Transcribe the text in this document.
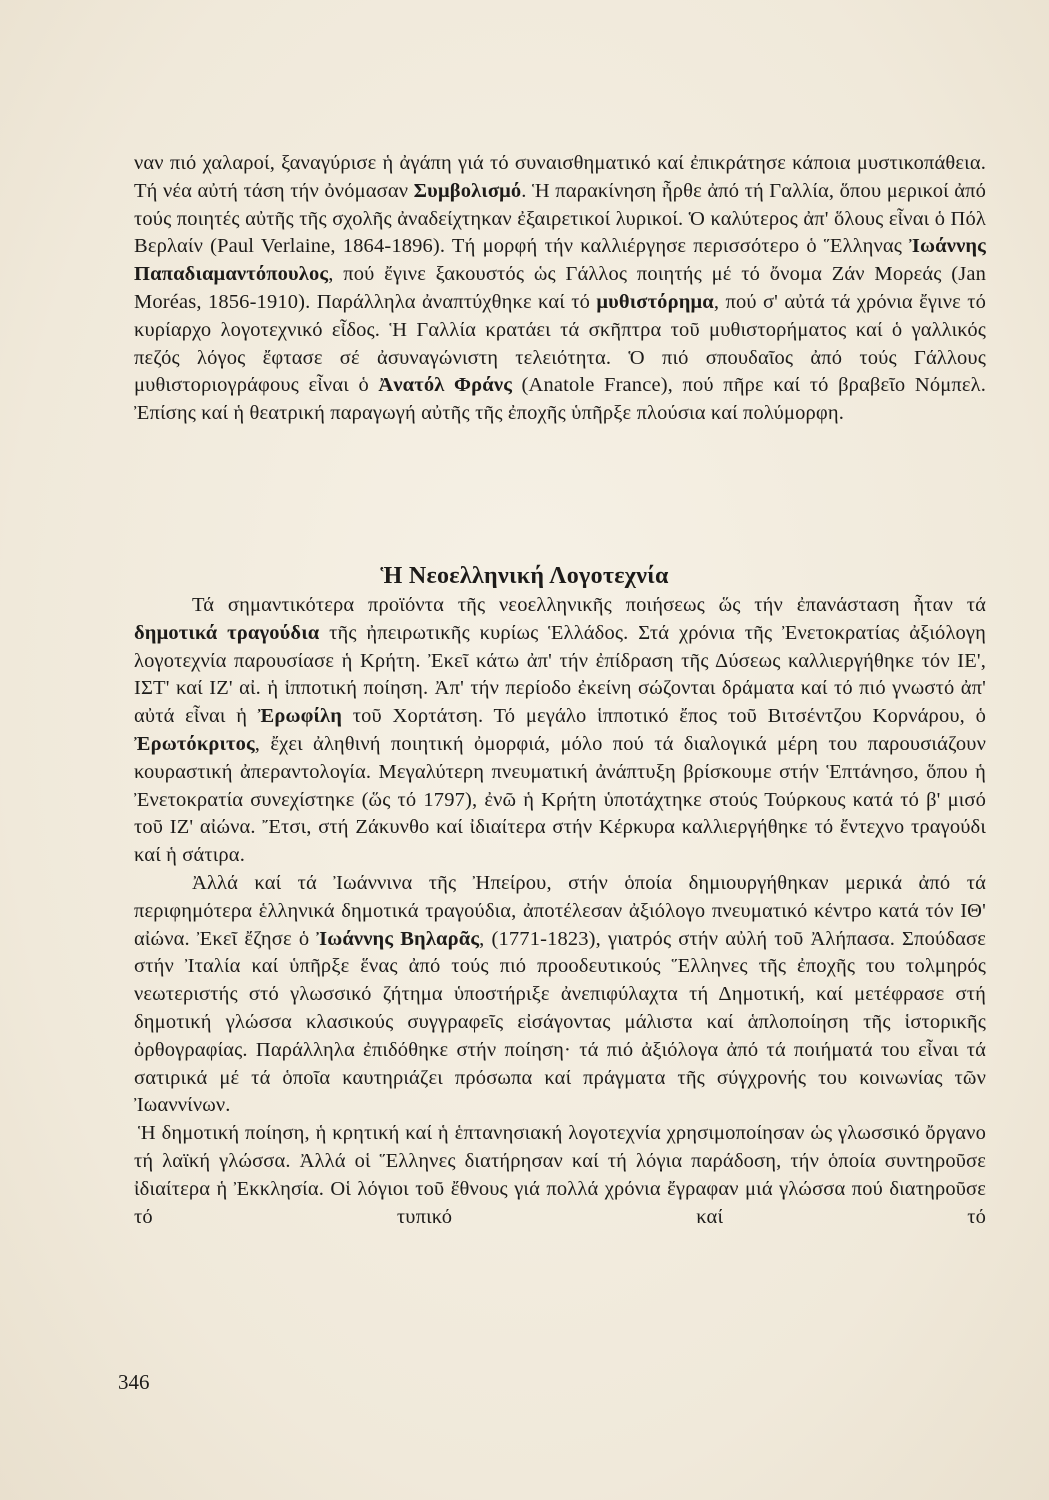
ναν πιό χαλαροί, ξαναγύρισε ἡ ἀγάπη γιά τό συναισθηματικό καί ἐπικράτησε κάποια μυστικοπάθεια. Τή νέα αὐτή τάση τήν ὀνόμασαν Συμβολισμό. Ἡ παρακίνηση ἦρθε ἀπό τή Γαλλία, ὅπου μερικοί ἀπό τούς ποιητές αὐτῆς τῆς σχολῆς ἀναδείχτηκαν ἐξαιρετικοί λυρικοί. Ὁ καλύτερος ἀπ' ὅλους εἶναι ὁ Πόλ Βερλαίν (Paul Verlaine, 1864-1896). Τή μορφή τήν καλλιέργησε περισσότερο ὁ Ἕλληνας Ἰωάννης Παπαδιαμαντόπουλος, πού ἔγινε ξακουστός ὡς Γάλλος ποιητής μέ τό ὄνομα Ζάν Μορεάς (Jan Moréas, 1856-1910). Παράλληλα ἀναπτύχθηκε καί τό μυθιστόρημα, πού σ' αὐτά τά χρόνια ἔγινε τό κυρίαρχο λογοτεχνικό εἶδος. Ἡ Γαλλία κρατάει τά σκῆπτρα τοῦ μυθιστορήματος καί ὁ γαλλικός πεζός λόγος ἔφτασε σέ ἀσυναγώνιστη τελειότητα. Ὁ πιό σπουδαῖος ἀπό τούς Γάλλους μυθιστοριογράφους εἶναι ὁ Ἀνατόλ Φράνς (Anatole France), πού πῆρε καί τό βραβεῖο Νόμπελ. Ἐπίσης καί ἡ θεατρική παραγωγή αὐτῆς τῆς ἐποχῆς ὑπῆρξε πλούσια καί πολύμορφη.

Ἡ Νεοελληνική Λογοτεχνία

Τά σημαντικότερα προϊόντα τῆς νεοελληνικῆς ποιήσεως ὥς τήν ἐπανάσταση ἦταν τά δημοτικά τραγούδια τῆς ἠπειρωτικῆς κυρίως Ἑλλάδος. Στά χρόνια τῆς Ἐνετοκρατίας ἀξιόλογη λογοτεχνία παρουσίασε ἡ Κρήτη. Ἐκεῖ κάτω ἀπ' τήν ἐπίδραση τῆς Δύσεως καλλιεργήθηκε τόν ΙΕ', ΙΣΤ' καί ΙΖ' αἰ. ἡ ἱπποτική ποίηση. Ἀπ' τήν περίοδο ἐκείνη σώζονται δράματα καί τό πιό γνωστό ἀπ' αὐτά εἶναι ἡ Ἐρωφίλη τοῦ Χορτάτση. Τό μεγάλο ἱπποτικό ἔπος τοῦ Βιτσέντζου Κορνάρου, ὁ Ἐρωτόκριτος, ἔχει ἀληθινή ποιητική ὀμορφιά, μόλο πού τά διαλογικά μέρη του παρουσιάζουν κουραστική ἀπεραντολογία. Μεγαλύτερη πνευματική ἀνάπτυξη βρίσκουμε στήν Ἑπτάνησο, ὅπου ἡ Ἐνετοκρατία συνεχίστηκε (ὥς τό 1797), ἐνῶ ἡ Κρήτη ὑποτάχτηκε στούς Τούρκους κατά τό β' μισό τοῦ ΙΖ' αἰώνα. Ἔτσι, στή Ζάκυνθο καί ἰδιαίτερα στήν Κέρκυρα καλλιεργήθηκε τό ἔντεχνο τραγούδι καί ἡ σάτιρα.

Ἀλλά καί τά Ἰωάννινα τῆς Ἠπείρου, στήν ὁποία δημιουργήθηκαν μερικά ἀπό τά περιφημότερα ἑλληνικά δημοτικά τραγούδια, ἀποτέλεσαν ἀξιόλογο πνευματικό κέντρο κατά τόν ΙΘ' αἰώνα. Ἐκεῖ ἔζησε ὁ Ἰωάννης Βηλαρᾶς, (1771-1823), γιατρός στήν αὐλή τοῦ Ἀλήπασα. Σπούδασε στήν Ἰταλία καί ὑπῆρξε ἕνας ἀπό τούς πιό προοδευτικούς Ἕλληνες τῆς ἐποχῆς του τολμηρός νεωτεριστής στό γλωσσικό ζήτημα ὑποστήριξε ἀνεπιφύλαχτα τή Δημοτική, καί μετέφρασε στή δημοτική γλώσσα κλασικούς συγγραφεῖς εἰσάγοντας μάλιστα καί ἁπλοποίηση τῆς ἱστορικῆς ὀρθογραφίας. Παράλληλα ἐπιδόθηκε στήν ποίηση· τά πιό ἀξιόλογα ἀπό τά ποιήματά του εἶναι τά σατιρικά μέ τά ὁποῖα καυτηριάζει πρόσωπα καί πράγματα τῆς σύγχρονής του κοινωνίας τῶν Ἰωαννίνων.

Ἡ δημοτική ποίηση, ἡ κρητική καί ἡ ἑπτανησιακή λογοτεχνία χρησιμοποίησαν ὡς γλωσσικό ὄργανο τή λαϊκή γλώσσα. Ἀλλά οἱ Ἕλληνες διατήρησαν καί τή λόγια παράδοση, τήν ὁποία συντηροῦσε ἰδιαίτερα ἡ Ἐκκλησία. Οἱ λόγιοι τοῦ ἔθνους γιά πολλά χρόνια ἔγραφαν μιά γλώσσα πού διατηροῦσε τό τυπικό καί τό

346
